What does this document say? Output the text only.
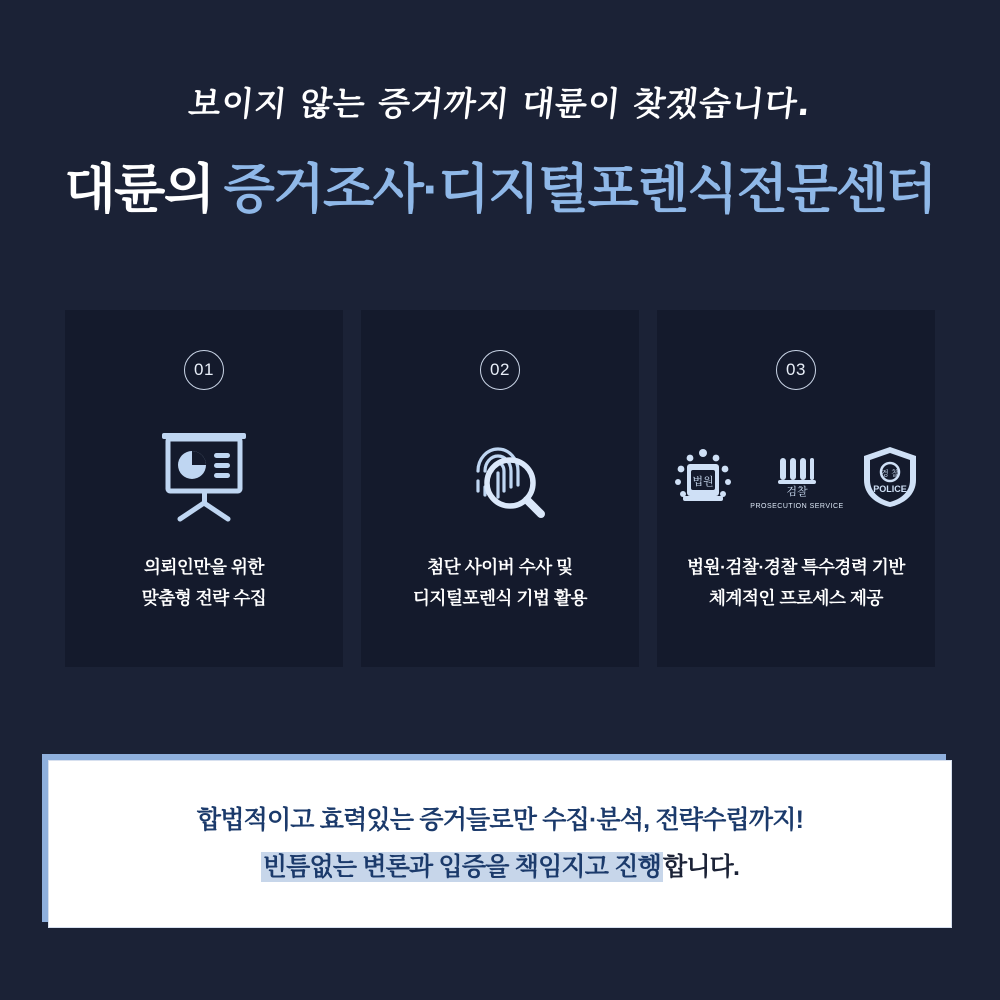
보이지 않는 증거까지 대륜이 찾겠습니다.
대륜의 증거조사·디지털포렌식전문센터
01
의뢰인만을 위한
맞춤형 전략 수집
02
첨단 사이버 수사 및
디지털포렌식 기법 활용
03
법원
검찰
PROSECUTION SERVICE
경 찰
POLICE
법원·검찰·경찰 특수경력 기반
체계적인 프로세스 제공
합법적이고 효력있는 증거들로만 수집·분석, 전략수립까지!
빈틈없는 변론과 입증을 책임지고 진행합니다.
